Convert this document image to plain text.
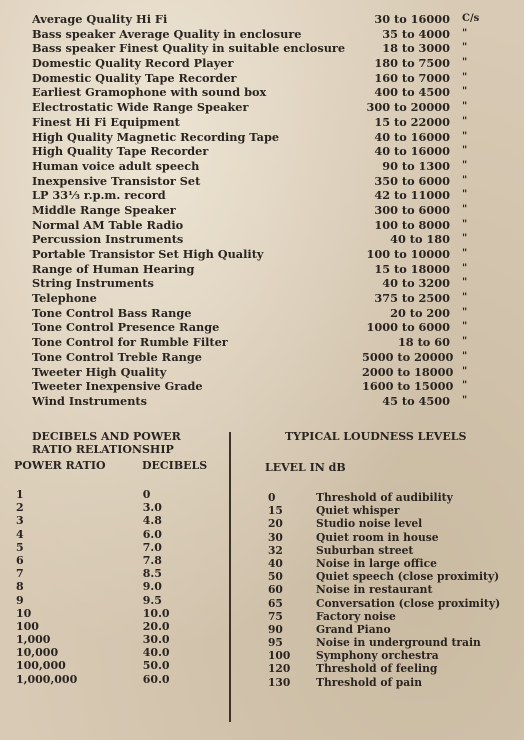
Average Quality Hi Fi	30 to 16000	C/s
Bass speaker Average Quality in enclosure	35 to 4000	"
Bass speaker Finest Quality in suitable enclosure	18 to 3000	"
Domestic Quality Record Player	180 to 7500	"
Domestic Quality Tape Recorder	160 to 7000	"
Earliest Gramophone with sound box	400 to 4500	"
Electrostatic Wide Range Speaker	300 to 20000	"
Finest Hi Fi Equipment	15 to 22000	"
High Quality Magnetic Recording Tape	40 to 16000	"
High Quality Tape Recorder	40 to 16000	"
Human voice adult speech	90 to 1300	"
Inexpensive Transistor Set	350 to 6000	"
LP 33⅓ r.p.m. record	42 to 11000	"
Middle Range Speaker	300 to 6000	"
Normal AM Table Radio	100 to 8000	"
Percussion Instruments	40 to 180	"
Portable Transistor Set High Quality	100 to 10000	"
Range of Human Hearing	15 to 18000	"
String Instruments	40 to 3200	"
Telephone	375 to 2500	"
Tone Control Bass Range	20 to 200	"
Tone Control Presence Range	1000 to 6000	"
Tone Control for Rumble Filter	18 to 60	"
Tone Control Treble Range	5000 to 20000 "
Tweeter High Quality	2000 to 18000 "
Tweeter Inexpensive Grade	1600 to 15000 "
Wind Instruments	45 to 4500	"
DECIBELS AND POWER
RATIO RELATIONSHIP
POWER RATIO	DECIBELS
1	0
2	3.0
3	4.8
4	6.0
5	7.0
6	7.8
7	8.5
8	9.0
9	9.5
10	10.0
100	20.0
1,000	30.0
10,000	40.0
100,000	50.0
1,000,000	60.0
TYPICAL LOUDNESS LEVELS
LEVEL IN dB
0	Threshold of audibility
15	Quiet whisper
20	Studio noise level
30	Quiet room in house
32	Suburban street
40	Noise in large office
50	Quiet speech (close proximity)
60	Noise in restaurant
65	Conversation (close proximity)
75	Factory noise
90	Grand Piano
95	Noise in underground train
100	Symphony orchestra
120	Threshold of feeling
130	Threshold of pain
